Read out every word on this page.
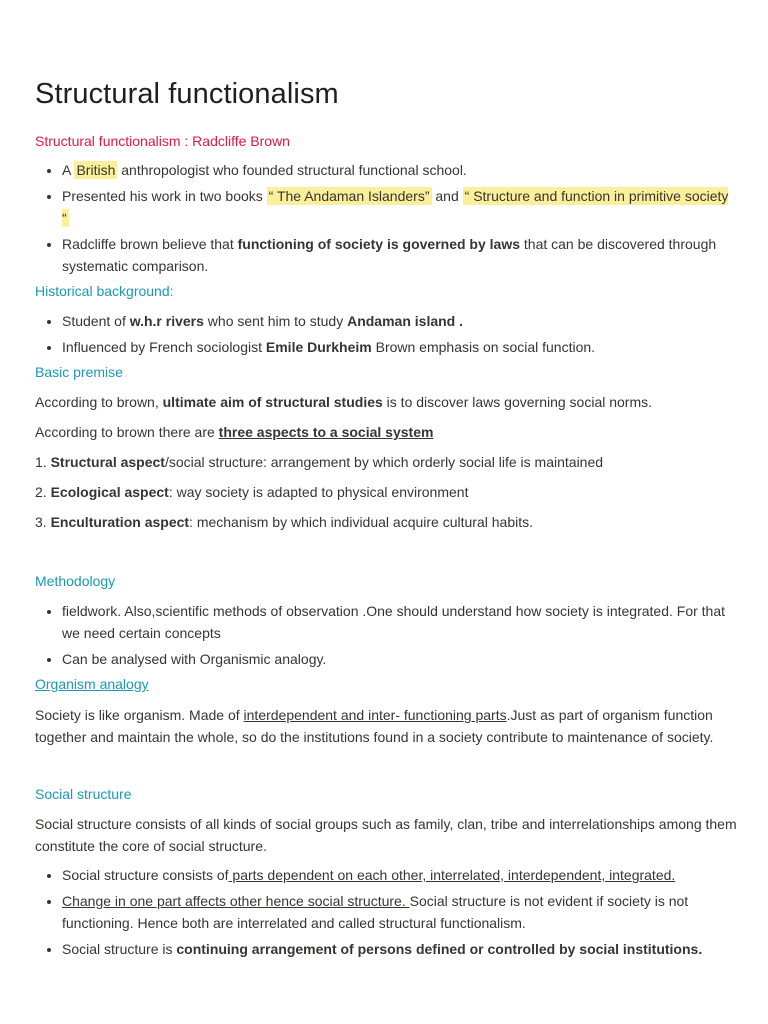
Structural functionalism
Structural functionalism : Radcliffe Brown
• A British anthropologist who founded structural functional school.
• Presented his work in two books “ The Andaman Islanders” and “ Structure and function in primitive society “
• Radcliffe brown believe that functioning of society is governed by laws that can be discovered through systematic comparison.
Historical background:
• Student of w.h.r rivers who sent him to study Andaman island .
• Influenced by French sociologist Emile Durkheim Brown emphasis on social function.
Basic premise

According to brown, ultimate aim of structural studies is to discover laws governing social norms.

According to brown there are three aspects to a social system

1. Structural aspect/social structure: arrangement by which orderly social life is maintained

2. Ecological aspect: way society is adapted to physical environment

3. Enculturation aspect: mechanism by which individual acquire cultural habits.

Methodology
• fieldwork. Also,scientific methods of observation .One should understand how society is integrated. For that we need certain concepts
• Can be analysed with Organismic analogy.
Organism analogy

Society is like organism. Made of interdependent and inter- functioning parts.Just as part of organism function together and maintain the whole, so do the institutions found in a society contribute to maintenance of society.

Social structure

Social structure consists of all kinds of social groups such as family, clan, tribe and interrelationships among them constitute the core of social structure.

• Social structure consists of parts dependent on each other, interrelated, interdependent, integrated.
• Change in one part affects other hence social structure. Social structure is not evident if society is not functioning. Hence both are interrelated and called structural functionalism.
• Social structure is continuing arrangement of persons defined or controlled by social institutions.
